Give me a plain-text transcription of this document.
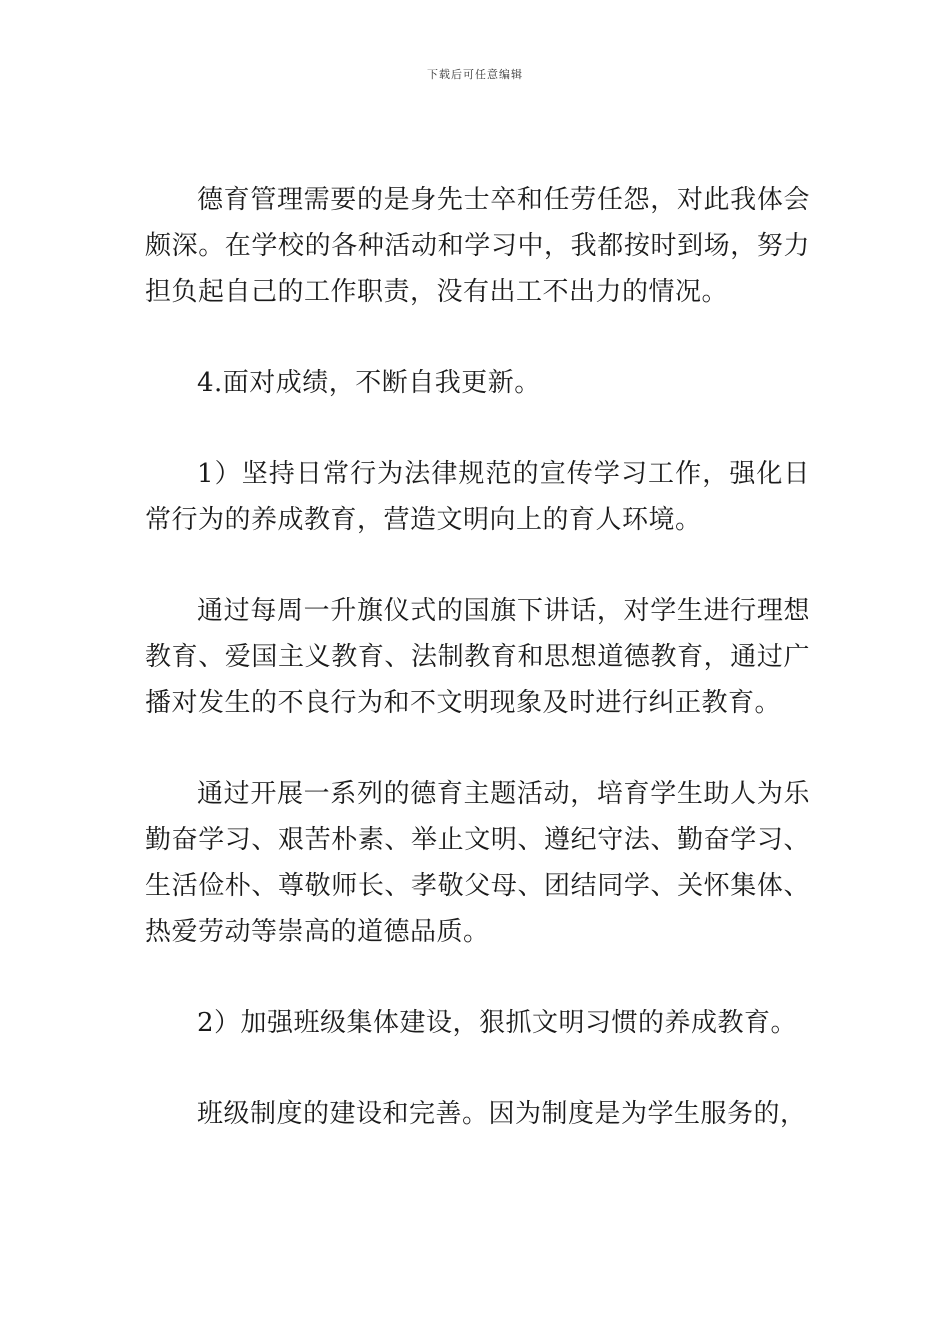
下载后可任意编辑

德育管理需要的是身先士卒和任劳任怨，对此我体会颇深。在学校的各种活动和学习中，我都按时到场，努力担负起自己的工作职责，没有出工不出力的情况。

4.面对成绩，不断自我更新。

1）坚持日常行为法律规范的宣传学习工作，强化日常行为的养成教育，营造文明向上的育人环境。

通过每周一升旗仪式的国旗下讲话，对学生进行理想教育、爱国主义教育、法制教育和思想道德教育，通过广播对发生的不良行为和不文明现象及时进行纠正教育。

通过开展一系列的德育主题活动，培育学生助人为乐勤奋学习、艰苦朴素、举止文明、遵纪守法、勤奋学习、生活俭朴、尊敬师长、孝敬父母、团结同学、关怀集体、热爱劳动等崇高的道德品质。

2）加强班级集体建设，狠抓文明习惯的养成教育。

班级制度的建设和完善。因为制度是为学生服务的，
